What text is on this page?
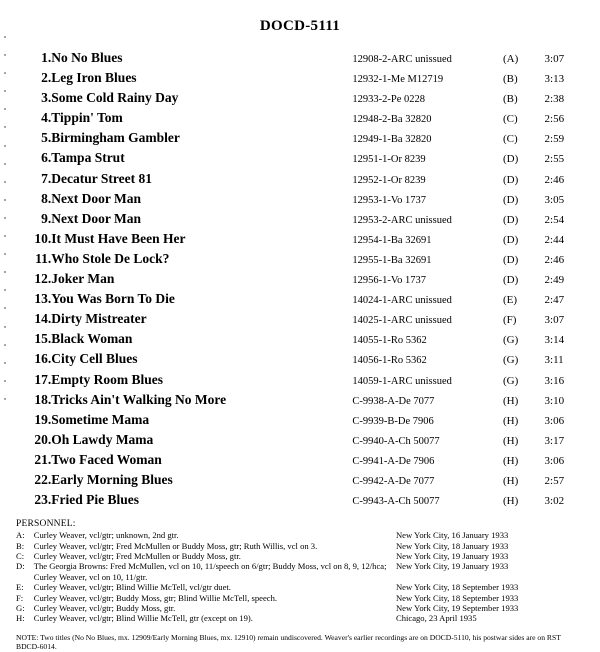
DOCD-5111
1.	No No Blues	12908-2-ARC unissued	(A)	3:07
2.	Leg Iron Blues	12932-1-Me M12719	(B)	3:13
3.	Some Cold Rainy Day	12933-2-Pe 0228	(B)	2:38
4.	Tippin' Tom	12948-2-Ba 32820	(C)	2:56
5.	Birmingham Gambler	12949-1-Ba 32820	(C)	2:59
6.	Tampa Strut	12951-1-Or 8239	(D)	2:55
7.	Decatur Street 81	12952-1-Or 8239	(D)	2:46
8.	Next Door Man	12953-1-Vo 1737	(D)	3:05
9.	Next Door Man	12953-2-ARC unissued	(D)	2:54
10.	It Must Have Been Her	12954-1-Ba 32691	(D)	2:44
11.	Who Stole De Lock?	12955-1-Ba 32691	(D)	2:46
12.	Joker Man	12956-1-Vo 1737	(D)	2:49
13.	You Was Born To Die	14024-1-ARC unissued	(E)	2:47
14.	Dirty Mistreater	14025-1-ARC unissued	(F)	3:07
15.	Black Woman	14055-1-Ro 5362	(G)	3:14
16.	City Cell Blues	14056-1-Ro 5362	(G)	3:11
17.	Empty Room Blues	14059-1-ARC unissued	(G)	3:16
18.	Tricks Ain't Walking No More	C-9938-A-De 7077	(H)	3:10
19.	Sometime Mama	C-9939-B-De 7906	(H)	3:06
20.	Oh Lawdy Mama	C-9940-A-Ch 50077	(H)	3:17
21.	Two Faced Woman	C-9941-A-De 7906	(H)	3:06
22.	Early Morning Blues	C-9942-A-De 7077	(H)	2:57
23.	Fried Pie Blues	C-9943-A-Ch 50077	(H)	3:02
PERSONNEL:
A:	Curley Weaver, vcl/gtr; unknown, 2nd gtr.	New York City, 16 January 1933
B:	Curley Weaver, vcl/gtr; Fred McMullen or Buddy Moss, gtr; Ruth Willis, vcl on 3.	New York City, 18 January 1933
C:	Curley Weaver, vcl/gtr; Fred McMullen or Buddy Moss, gtr.	New York City, 19 January 1933
D:	The Georgia Browns: Fred McMullen, vcl on 10, 11/speech on 6/gtr; Buddy Moss, vcl on 8, 9, 12/hca; Curley Weaver, vcl on 10, 11/gtr.	New York City, 19 January 1933
E:	Curley Weaver, vcl/gtr; Blind Willie McTell, vcl/gtr duet.	New York City, 18 September 1933
F:	Curley Weaver, vcl/gtr; Buddy Moss, gtr; Blind Willie McTell, speech.	New York City, 18 September 1933
G:	Curley Weaver, vcl/gtr; Buddy Moss, gtr.	New York City, 19 September 1933
H:	Curley Weaver, vcl/gtr; Blind Willie McTell, gtr (except on 19).	Chicago, 23 April 1935
NOTE: Two titles (No No Blues, mx. 12909/Early Morning Blues, mx. 12910) remain undiscovered. Weaver's earlier recordings are on DOCD-5110, his postwar sides are on RST BDCD-6014.
